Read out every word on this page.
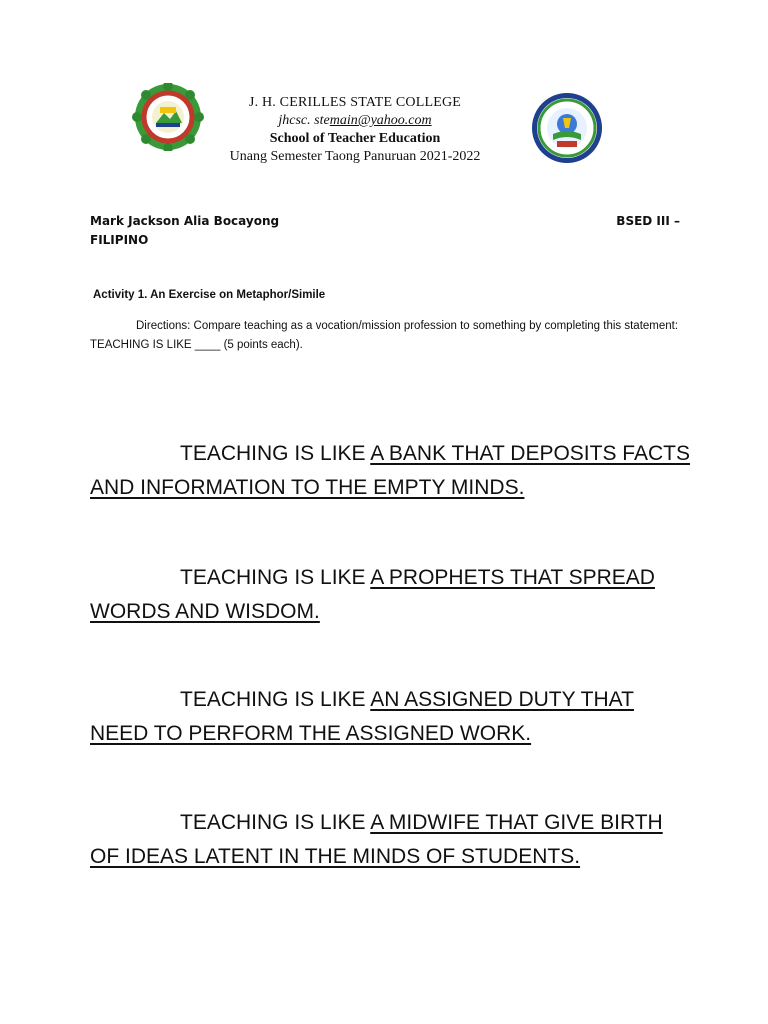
J. H. CERILLES STATE COLLEGE
jhcsc. stemain@yahoo.com
School of Teacher Education
Unang Semester Taong Panuruan 2021-2022
Mark Jackson Alia Bocayong	BSED III –
FILIPINO
Activity 1. An Exercise on Metaphor/Simile
Directions: Compare teaching as a vocation/mission profession to something by completing this statement: TEACHING IS LIKE ____ (5 points each).
TEACHING IS LIKE A BANK THAT DEPOSITS FACTS AND INFORMATION TO THE EMPTY MINDS.
TEACHING IS LIKE A PROPHETS THAT SPREAD WORDS AND WISDOM.
TEACHING IS LIKE AN ASSIGNED DUTY THAT NEED TO PERFORM THE ASSIGNED WORK.
TEACHING IS LIKE A MIDWIFE THAT GIVE BIRTH OF IDEAS LATENT IN THE MINDS OF STUDENTS.
